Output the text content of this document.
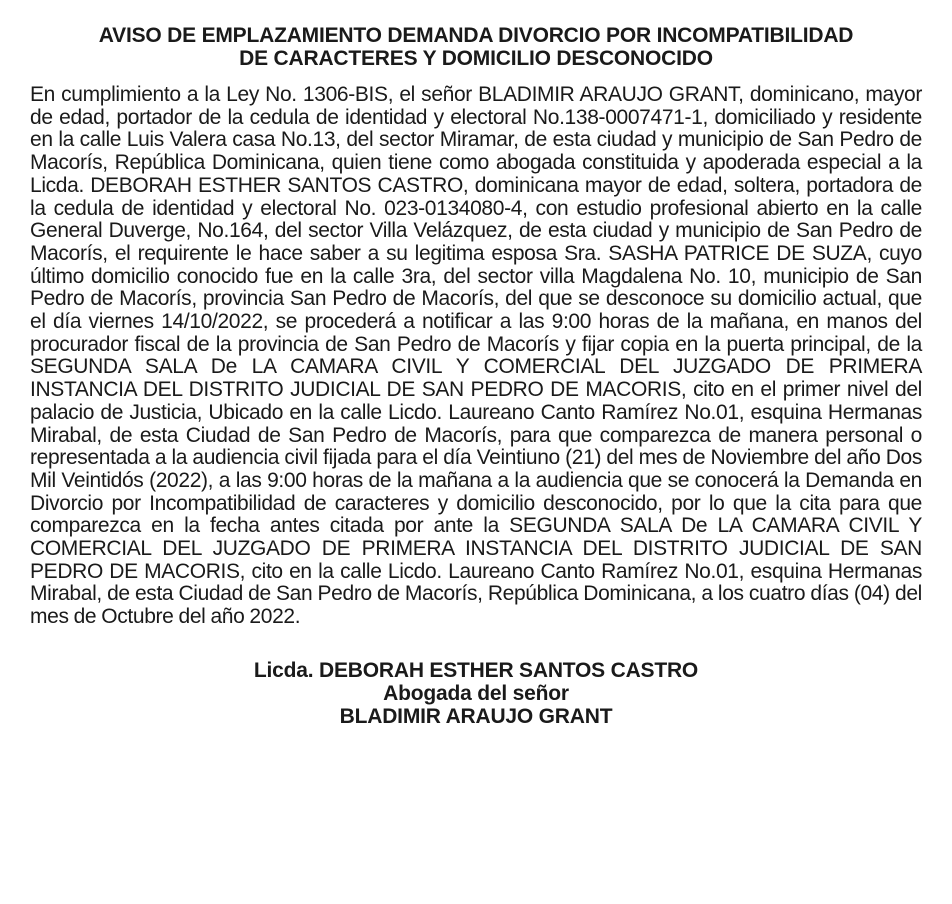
AVISO DE EMPLAZAMIENTO DEMANDA DIVORCIO POR INCOMPATIBILIDAD
DE CARACTERES Y DOMICILIO DESCONOCIDO

En cumplimiento a la Ley No. 1306-BIS, el señor BLADIMIR ARAUJO GRANT, dominicano, mayor de edad, portador de la cedula de identidad y electoral No.138-0007471-1, domiciliado y residente en la calle Luis Valera casa No.13, del sector Miramar, de esta ciudad y municipio de San Pedro de Macorís, República Dominicana, quien tiene como abogada constituida y apoderada especial a la Licda. DEBORAH ESTHER SANTOS CASTRO, dominicana mayor de edad, soltera, portadora de la cedula de identidad y electoral No. 023-0134080-4, con estudio profesional abierto en la calle General Duverge, No.164, del sector Villa Velázquez, de esta ciudad y municipio de San Pedro de Macorís, el requirente le hace saber a su legitima esposa Sra. SASHA PATRICE DE SUZA, cuyo último domicilio conocido fue en la calle 3ra, del sector villa Magdalena No. 10, municipio de San Pedro de Macorís, provincia San Pedro de Macorís, del que se desconoce su domicilio actual, que el día viernes 14/10/2022, se procederá a notificar a las 9:00 horas de la mañana, en manos del procurador fiscal de la provincia de San Pedro de Macorís y fijar copia en la puerta principal, de la SEGUNDA SALA De LA CAMARA CIVIL Y COMERCIAL DEL JUZGADO DE PRIMERA INSTANCIA DEL DISTRITO JUDICIAL DE SAN PEDRO DE MACORIS, cito en el primer nivel del palacio de Justicia, Ubicado en la calle Licdo. Laureano Canto Ramírez No.01, esquina Hermanas Mirabal, de esta Ciudad de San Pedro de Macorís, para que comparezca de manera personal o representada a la audiencia civil fijada para el día Veintiuno (21) del mes de Noviembre del año Dos Mil Veintidós (2022), a las 9:00 horas de la mañana a la audiencia que se conocerá la Demanda en Divorcio por Incompatibilidad de caracteres y domicilio desconocido, por lo que la cita para que comparezca en la fecha antes citada por ante la SEGUNDA SALA De LA CAMARA CIVIL Y COMERCIAL DEL JUZGADO DE PRIMERA INSTANCIA DEL DISTRITO JUDICIAL DE SAN PEDRO DE MACORIS, cito en la calle Licdo. Laureano Canto Ramírez No.01, esquina Hermanas Mirabal, de esta Ciudad de San Pedro de Macorís, República Dominicana, a los cuatro días (04) del mes de Octubre del año 2022.

Licda. DEBORAH ESTHER SANTOS CASTRO
Abogada del señor
BLADIMIR ARAUJO GRANT
